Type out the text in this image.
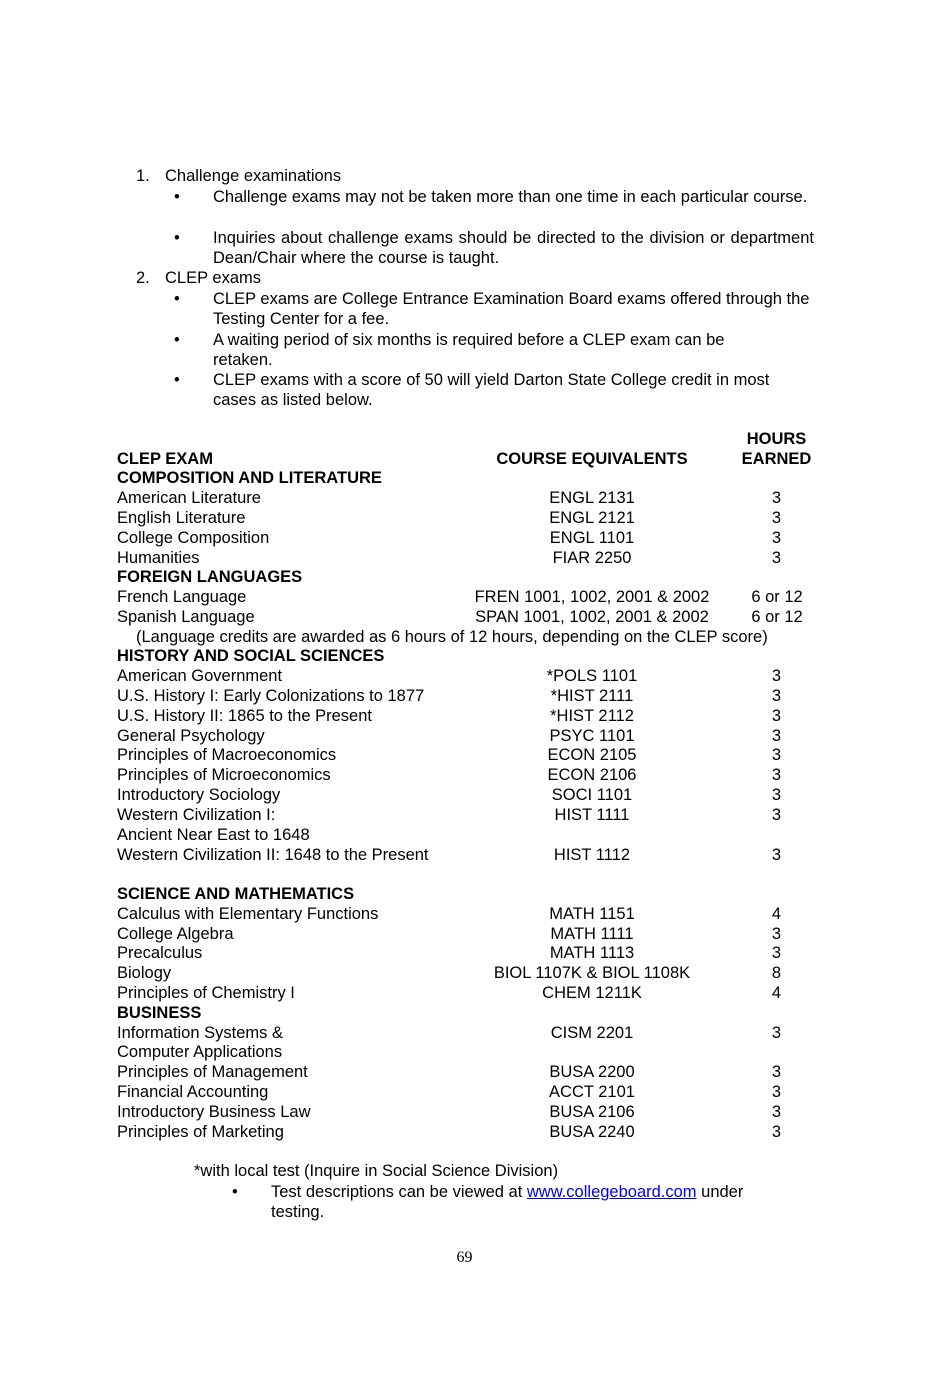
1. Challenge examinations
• Challenge exams may not be taken more than one time in each particular course.
• Inquiries about challenge exams should be directed to the division or department Dean/Chair where the course is taught.
2. CLEP exams
• CLEP exams are College Entrance Examination Board exams offered through the Testing Center for a fee.
• A waiting period of six months is required before a CLEP exam can be retaken.
• CLEP exams with a score of 50 will yield Darton State College credit in most cases as listed below.
HOURS
CLEP EXAM	COURSE EQUIVALENTS	EARNED
COMPOSITION AND LITERATURE
American Literature	ENGL 2131	3
English Literature	ENGL 2121	3
College Composition	ENGL 1101	3
Humanities	FIAR 2250	3
FOREIGN LANGUAGES
French Language	FREN 1001, 1002, 2001 & 2002	6 or 12
Spanish Language	SPAN 1001, 1002, 2001 & 2002	6 or 12
(Language credits are awarded as 6 hours of 12 hours, depending on the CLEP score)
HISTORY AND SOCIAL SCIENCES
American Government	*POLS 1101	3
U.S. History I: Early Colonizations to 1877	*HIST 2111	3
U.S. History II: 1865 to the Present	*HIST 2112	3
General Psychology	PSYC 1101	3
Principles of Macroeconomics	ECON 2105	3
Principles of Microeconomics	ECON 2106	3
Introductory Sociology	SOCI 1101	3
Western Civilization I:	HIST 1111	3
Ancient Near East to 1648
Western Civilization II: 1648 to the Present	HIST 1112	3
SCIENCE AND MATHEMATICS
Calculus with Elementary Functions	MATH 1151	4
College Algebra	MATH 1111	3
Precalculus	MATH 1113	3
Biology	BIOL 1107K & BIOL 1108K	8
Principles of Chemistry I	CHEM 1211K	4
BUSINESS
Information Systems &	CISM 2201	3
Computer Applications
Principles of Management	BUSA 2200	3
Financial Accounting	ACCT 2101	3
Introductory Business Law	BUSA 2106	3
Principles of Marketing	BUSA 2240	3
*with local test (Inquire in Social Science Division)
• Test descriptions can be viewed at www.collegeboard.com under
testing.
69
